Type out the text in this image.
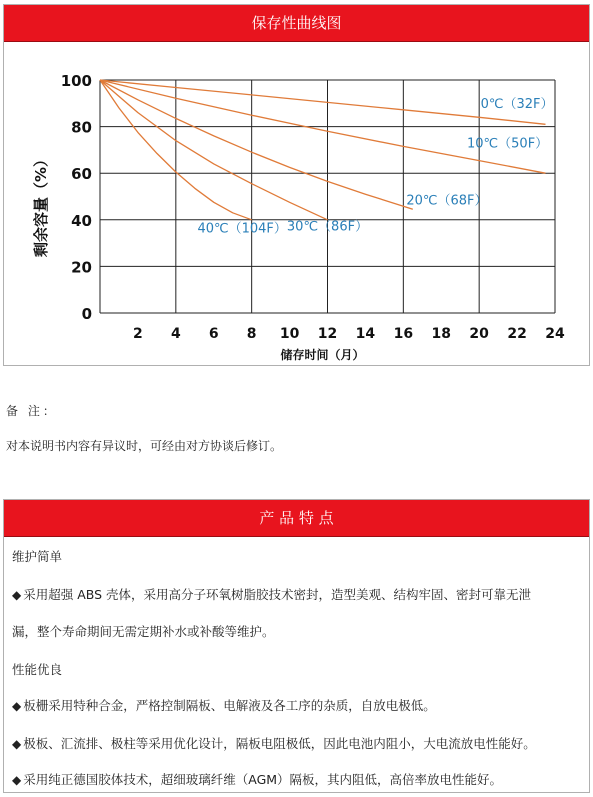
保存性曲线图
0
20
40
60
80
100
2 4 6 8 10 12 14 16 18 20 22 24
储存时间（月）
剩余容量（%）
0℃（32F）
10℃（50F）
20℃（68F）
30℃（86F）
40℃（104F）
备 注：
对本说明书内容有异议时，可经由对方协谈后修订。
产 品 特 点
维护简单
◆ 采用超强 ABS 壳体，采用高分子环氧树脂胶技术密封，造型美观、结构牢固、密封可靠无泄
漏，整个寿命期间无需定期补水或补酸等维护。
性能优良
◆ 板栅采用特种合金，严格控制隔板、电解液及各工序的杂质，自放电极低。
◆ 极板、汇流排、极柱等采用优化设计，隔板电阻极低，因此电池内阻小，大电流放电性能好。
◆ 采用纯正德国胶体技术，超细玻璃纤维（AGM）隔板，其内阻低，高倍率放电性能好。
